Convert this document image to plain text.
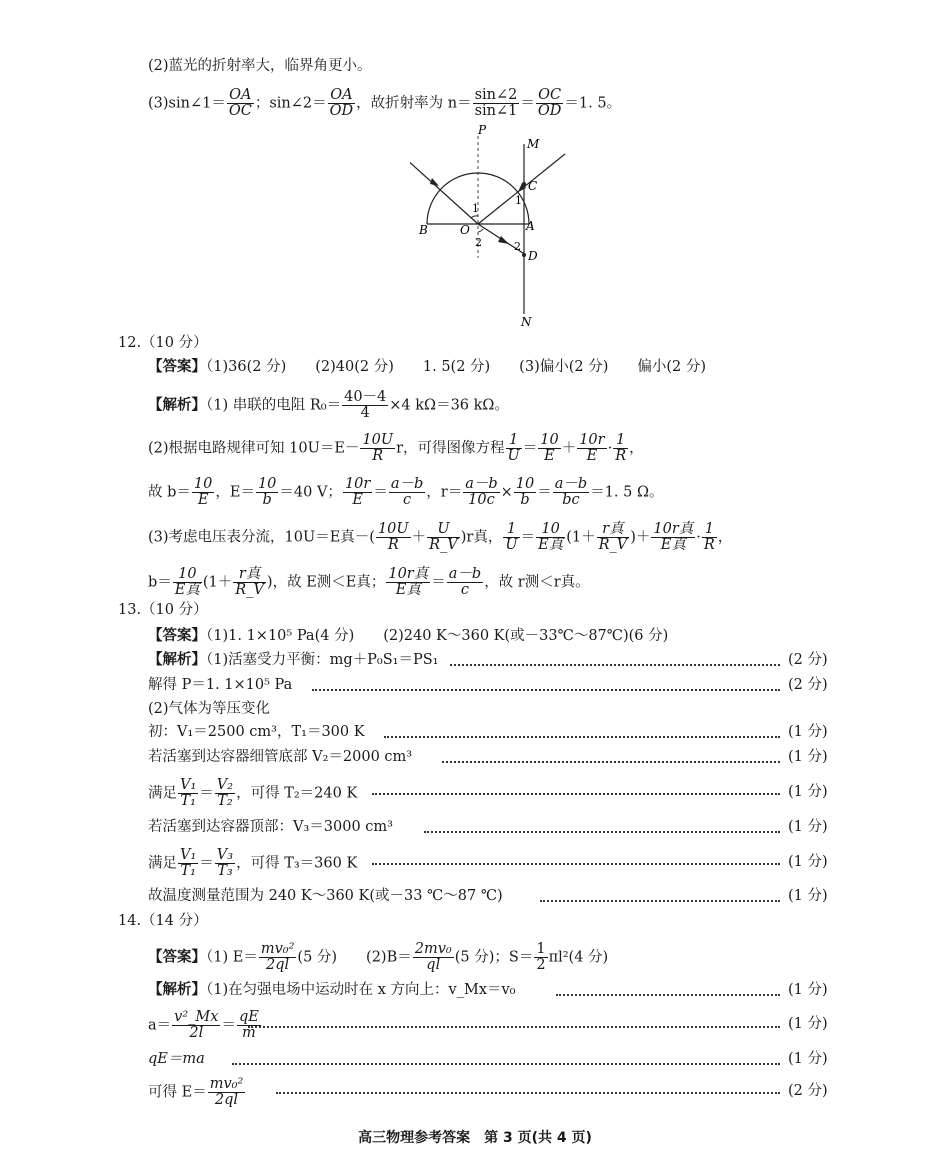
(2)蓝光的折射率大，临界角更小。
(3)sin∠1＝ $\frac{OA}{OC}$ ；sin∠2＝ $\frac{OA}{OD}$ ，故折射率为 $n= \frac{\sin\angle 2}{\sin\angle 1} = \frac{OC}{OD} =1$. 5。
P
M
C
1
1
A
B	O
2	2
D
N
12.（10 分）
【答案】（1)36(2 分)　　(2)40(2 分)　　1. 5(2 分)　　(3)偏小(2 分)　　偏小(2 分)
【解析】（1) 串联的电阻 $R_0= \frac{40-4}{4} \times 4$ kΩ＝36 kΩ。
(2)根据电路规律可知 $10U=E- \frac{10U}{R}$ r，可得图像方程 $\frac{1}{U} = \frac{10}{E} + \frac{10r}{E} \cdot \frac{1}{R}$ ，
故 $b= \frac{10}{E}$ ，$E= \frac{10}{b} =40$ V； $\frac{10r}{E} = \frac{a-b}{c}$ ，$r= \frac{a-b}{10c} \times \frac{10}{b} = \frac{a-b}{bc} =1$. 5 Ω。
(3)考虑电压表分流，10U＝E真－( $\frac{10U}{R} + \frac{U}{R\_V} )r$真， $\frac{1}{U}$ ＝
10
E真 (1＋
r真
R_V )＋
10r真
E真 · $\frac{1}{R}$ ，
b＝
10
E真 (1＋
r真
R_V )，故 E测＜E真；
10r真
E真 ＝ $\frac{a-b}{c}$ ，故 r测＜r真。
13.（10 分）
【答案】（1)1. 1×10⁵ Pa(4 分)　　(2)240 K～360 K(或－33℃～87℃)(6 分)
【解析】（1)活塞受力平衡：mg＋P₀S₁＝PS₁	(2 分)
解得 P＝1. 1×10⁵ Pa	(2 分)
(2)气体为等压变化
初：V₁＝2500 cm³，T₁＝300 K	(1 分)
若活塞到达容器细管底部 V₂＝2000 cm³	(1 分)
满足 $\frac{\text{V₁}}{\text{T₁}} = \frac{\text{V₂}}{\text{T₂}}$ ，可得 T₂＝240 K	(1 分)
若活塞到达容器顶部：V₃＝3000 cm³	(1 分)
满足 $\frac{\text{V₁}}{\text{T₁}} = \frac{\text{V₃}}{\text{T₃}}$ ，可得 T₃＝360 K	(1 分)
故温度测量范围为 240 K～360 K(或－33 ℃～87 ℃)	(1 分)
14.（14 分）
【答案】（1) $E= \frac{\text{mv₀²}}{2ql} (5$ 分)　　$(2)B= \frac{\text{2mv₀}}{ql} (5$ 分)；$S= \frac{1}{2} \pi l^2(4$ 分)
【解析】（1)在匀强电场中运动时在 x 方向上：v_Mx＝v₀	(1 分)
$a= \frac{\text{v²\_Mx}}{2l} = \frac{qE}{m}$	(1 分)
qE＝ma	(1 分)
可得 $E= \frac{\text{mv₀²}}{2ql}$	(2 分)
高三物理参考答案　第 3 页(共 4 页)
